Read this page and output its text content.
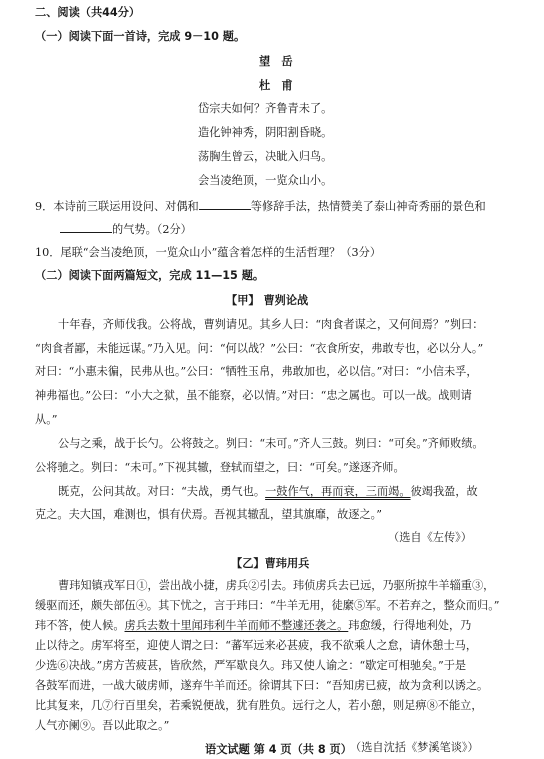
二、阅读（共44分）
（一）阅读下面一首诗，完成 9－10 题。
望　岳
杜　甫
岱宗夫如何？齐鲁青未了。
造化钟神秀，阴阳割昏晓。
荡胸生曾云，决眦入归鸟。
会当凌绝顶，一览众山小。
9．本诗前三联运用设问、对偶和	等修辞手法，热情赞美了泰山神奇秀丽的景色和
的气势。（2分）
10．尾联“会当凌绝顶，一览众山小”蕴含着怎样的生活哲理？（3分）
（二）阅读下面两篇短文，完成 11—15 题。
【甲】 曹刿论战
十年春，齐师伐我。公将战，曹刿请见。其乡人曰：“肉食者谋之，又何间焉？”刿曰：
“肉食者鄙，未能远谋。”乃入见。问：“何以战？”公曰：“衣食所安，弗敢专也，必以分人。”
对曰：“小惠未徧，民弗从也。”公曰：“牺牲玉帛，弗敢加也，必以信。”对曰：“小信未孚，
神弗福也。”公曰：“小大之狱，虽不能察，必以情。”对曰：“忠之属也。可以一战。战则请
从。”
公与之乘，战于长勺。公将鼓之。刿曰：“未可。”齐人三鼓。刿曰：“可矣。”齐师败绩。
公将驰之。刿曰：“未可。”下视其辙，登轼而望之，曰：“可矣。”遂逐齐师。
既克，公问其故。对曰：“夫战，勇气也。一鼓作气，再而衰，三而竭。彼竭我盈，故
克之。夫大国，难测也，惧有伏焉。吾视其辙乱，望其旗靡，故逐之。”
（选自《左传》）
【乙】曹玮用兵
曹玮知镇戎军日①，尝出战小捷，虏兵②引去。玮侦虏兵去已远，乃驱所掠牛羊辎重③，
缓驱而还，颇失部伍④。其下忧之，言于玮曰：“牛羊无用，徒縻⑤军。不若弃之，整众而归。”
玮不答，使人候。虏兵去数十里闻玮利牛羊而师不整遽还袭之。玮愈缓，行得地利处，乃
止以待之。虏军将至，迎使人谓之曰：“蕃军远来必甚疲，我不欲乘人之怠，请休憩士马，
少选⑥决战。”虏方苦疲甚，皆欣然，严军歇良久。玮又使人谕之：“歇定可相驰矣。”于是
各鼓军而进，一战大破虏师，遂弃牛羊而还。徐谓其下曰：“吾知虏已疲，故为贪利以诱之。
比其复来，几⑦行百里矣，若乘锐便战，犹有胜负。远行之人，若小憩，则足痹⑧不能立，
人气亦阑⑨。吾以此取之。”
（选自沈括《梦溪笔谈》）
语文试题 第 4 页（共 8 页）
